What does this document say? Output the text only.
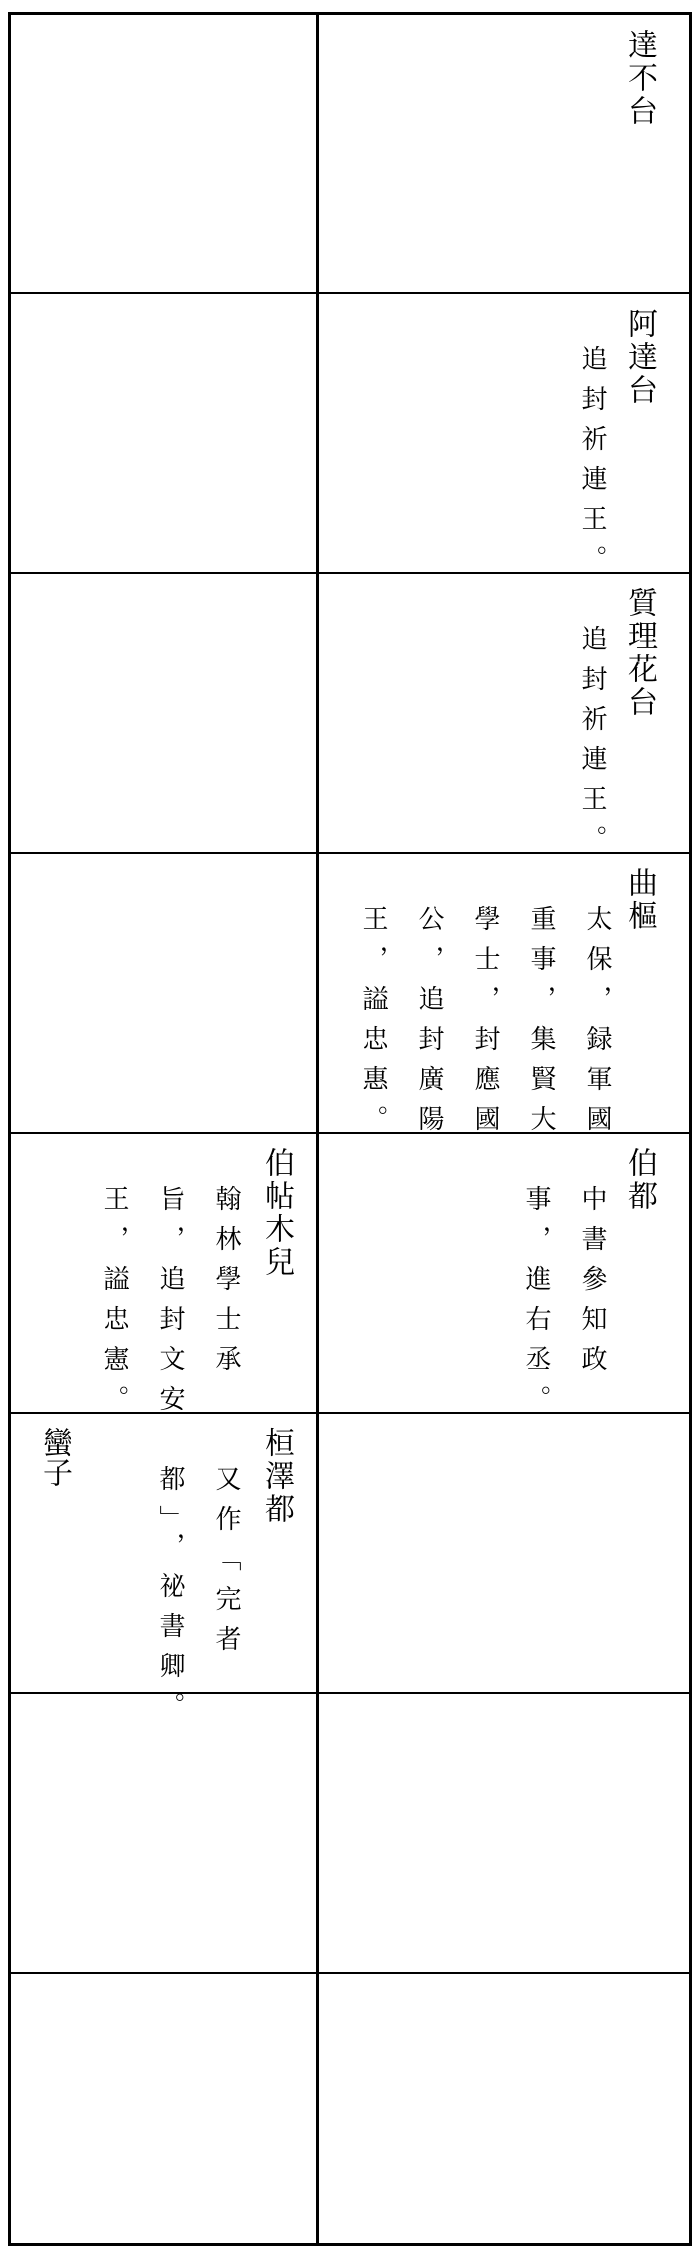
達不台
阿達台
追封祈連王。
質理花台
追封祈連王。
曲樞
太保，録軍國
重事，集賢大
學士，封應國
公，追封廣陽
王，謚忠惠。
伯都
中書參知政
事，進右丞。
伯帖木兒
翰林學士承
旨，追封文安
王，謚忠憲。
桓澤都
又作「完者
都」，祕書卿。
蠻子
